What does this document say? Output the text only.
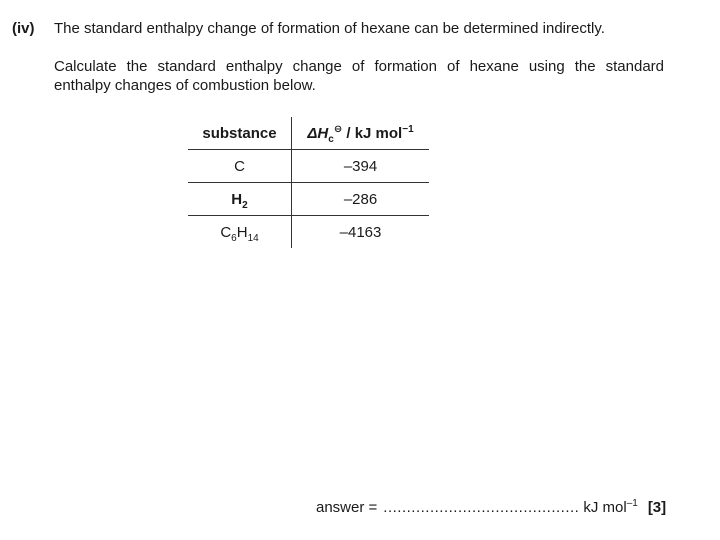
(iv) The standard enthalpy change of formation of hexane can be determined indirectly.
Calculate the standard enthalpy change of formation of hexane using the standard
enthalpy changes of combustion below.
substance	$\Delta H_c^⊖$ / kJ mol$^{-1}$
C	–394
$H_2$	–286
$C_6H_{14}$	–4163
answer = .......................................... kJ mol$^{-1}$ [3]
